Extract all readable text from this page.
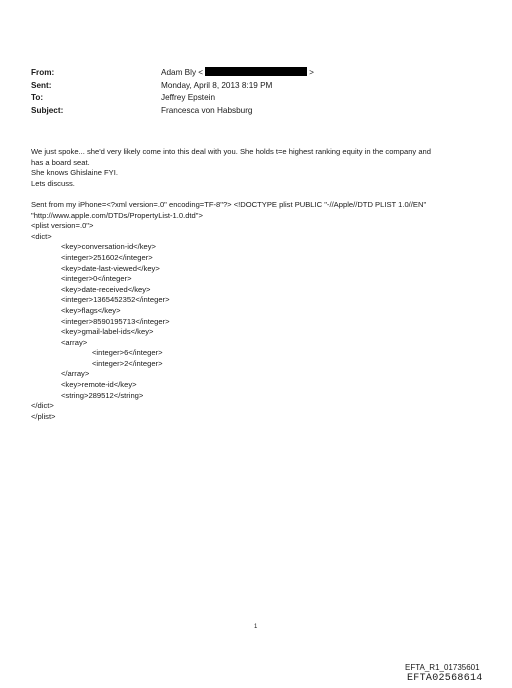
From:	Adam Bly <	>
Sent:	Monday, April 8, 2013 8:19 PM
To:	Jeffrey Epstein
Subject:	Francesca von Habsburg

We just spoke... she'd very likely come into this deal with you. She holds t=e highest ranking equity in the company and

has a board seat.

She knows Ghislaine FYI.

Lets discuss.

Sent from my iPhone=<?xml version=.0" encoding=TF-8"?> <!DOCTYPE plist PUBLIC "-//Apple//DTD PLIST 1.0//EN"

"http://www.apple.com/DTDs/PropertyList-1.0.dtd">

<plist version=.0">

<dict>

<key>conversation-id</key>

<integer>251602</integer>

<key>date-last-viewed</key>

<integer>0</integer>

<key>date-received</key>

<integer>1365452352</integer>

<key>flags</key>

<integer>8590195713</integer>

<key>gmail-label-ids</key>

<array>

<integer>6</integer>

<integer>2</integer>

</array>

<key>remote-id</key>

<string>289512</string>

</dict>

</plist>

1
EFTA_R1_01735601
EFTA02568614
